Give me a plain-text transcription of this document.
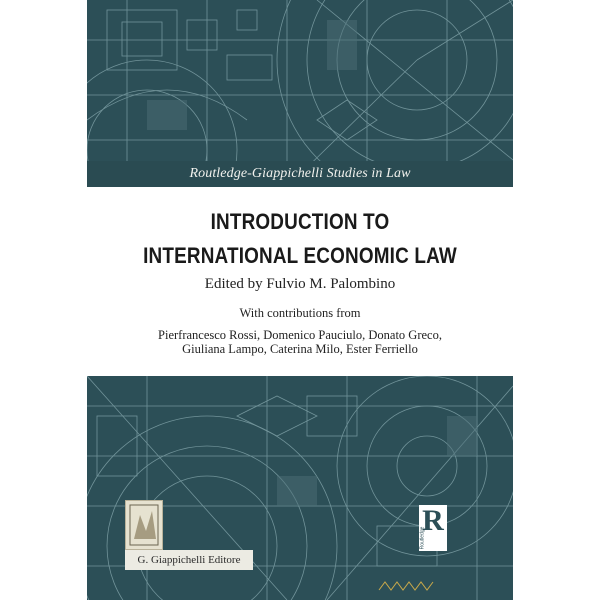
Routledge-Giappichelli Studies in Law
INTRODUCTION TO
INTERNATIONAL ECONOMIC LAW
Edited by Fulvio M. Palombino
With contributions from
Pierfrancesco Rossi, Domenico Pauciulo, Donato Greco,
Giuliana Lampo, Caterina Milo, Ester Ferriello
G. Giappichelli Editore
R
Routledge
